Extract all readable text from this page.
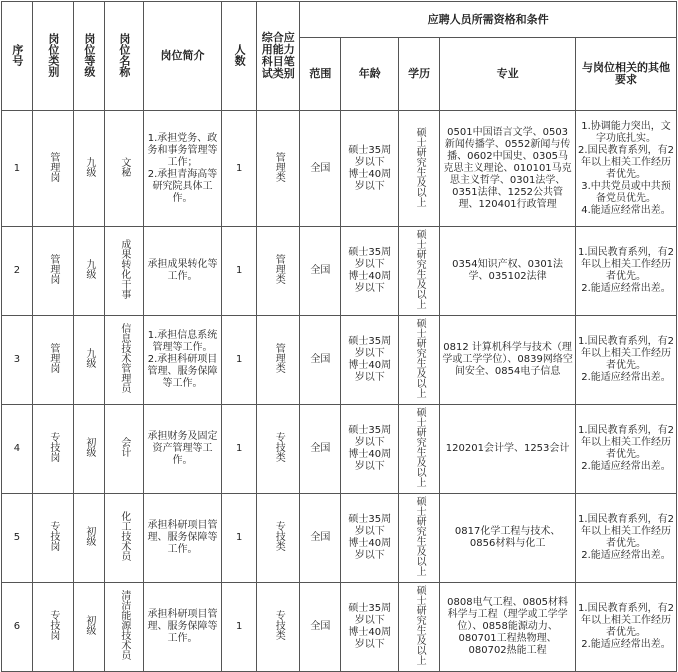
序号	岗位类别	岗位等级	岗位名称	岗位简介	人数	综合应用能力科目笔试类别	应聘人员所需资格和条件				
							范围	年龄	学历	专业	与岗位相关的其他要求
1	管理岗	九级	文秘	1.承担党务、政务和事务管理等工作；
2.承担青海高等研究院具体工作。	1	管理类	全国	硕士35周岁以下
博士40周岁以下	硕士研究生及以上	0501中国语言文学、0503新闻传播学、0552新闻与传播、0602中国史、0305马克思主义理论、010101马克思主义哲学、0301法学、0351法律、1252公共管理、120401行政管理	1.协调能力突出，文字功底扎实。
2.国民教育系列，有2年以上相关工作经历者优先。
3.中共党员或中共预备党员优先。
4.能适应经常出差。
2	管理岗	九级	成果转化干事	承担成果转化等工作。	1	管理类	全国	硕士35周岁以下
博士40周岁以下	硕士研究生及以上	0354知识产权、0301法学、035102法律	1.国民教育系列，有2年以上相关工作经历者优先。
2.能适应经常出差。
3	管理岗	九级	信息技术管理员	1.承担信息系统管理等工作。
2.承担科研项目管理、服务保障等工作。	1	管理类	全国	硕士35周岁以下
博士40周岁以下	硕士研究生及以上	0812 计算机科学与技术（理学或工学学位）、0839网络空间安全、0854电子信息	1.国民教育系列，有2年以上相关工作经历者优先。
2.能适应经常出差。
4	专技岗	初级	会计	承担财务及固定资产管理等工作。	1	专技类	全国	硕士35周岁以下
博士40周岁以下	硕士研究生及以上	120201会计学、1253会计	1.国民教育系列，有2年以上相关工作经历者优先。
2.能适应经常出差。
5	专技岗	初级	化工技术员	承担科研项目管理、服务保障等工作。	1	专技类	全国	硕士35周岁以下
博士40周岁以下	硕士研究生及以上	0817化学工程与技术、0856材料与化工	1.国民教育系列，有2年以上相关工作经历者优先。
2.能适应经常出差。
6	专技岗	初级	清洁能源技术员	承担科研项目管理、服务保障等工作。	1	专技类	全国	硕士35周岁以下
博士40周岁以下	硕士研究生及以上	0808电气工程、0805材料科学与工程（理学或工学学位）、0858能源动力、080701工程热物理、080702热能工程	1.国民教育系列，有2年以上相关工作经历者优先。
2.能适应经常出差。
